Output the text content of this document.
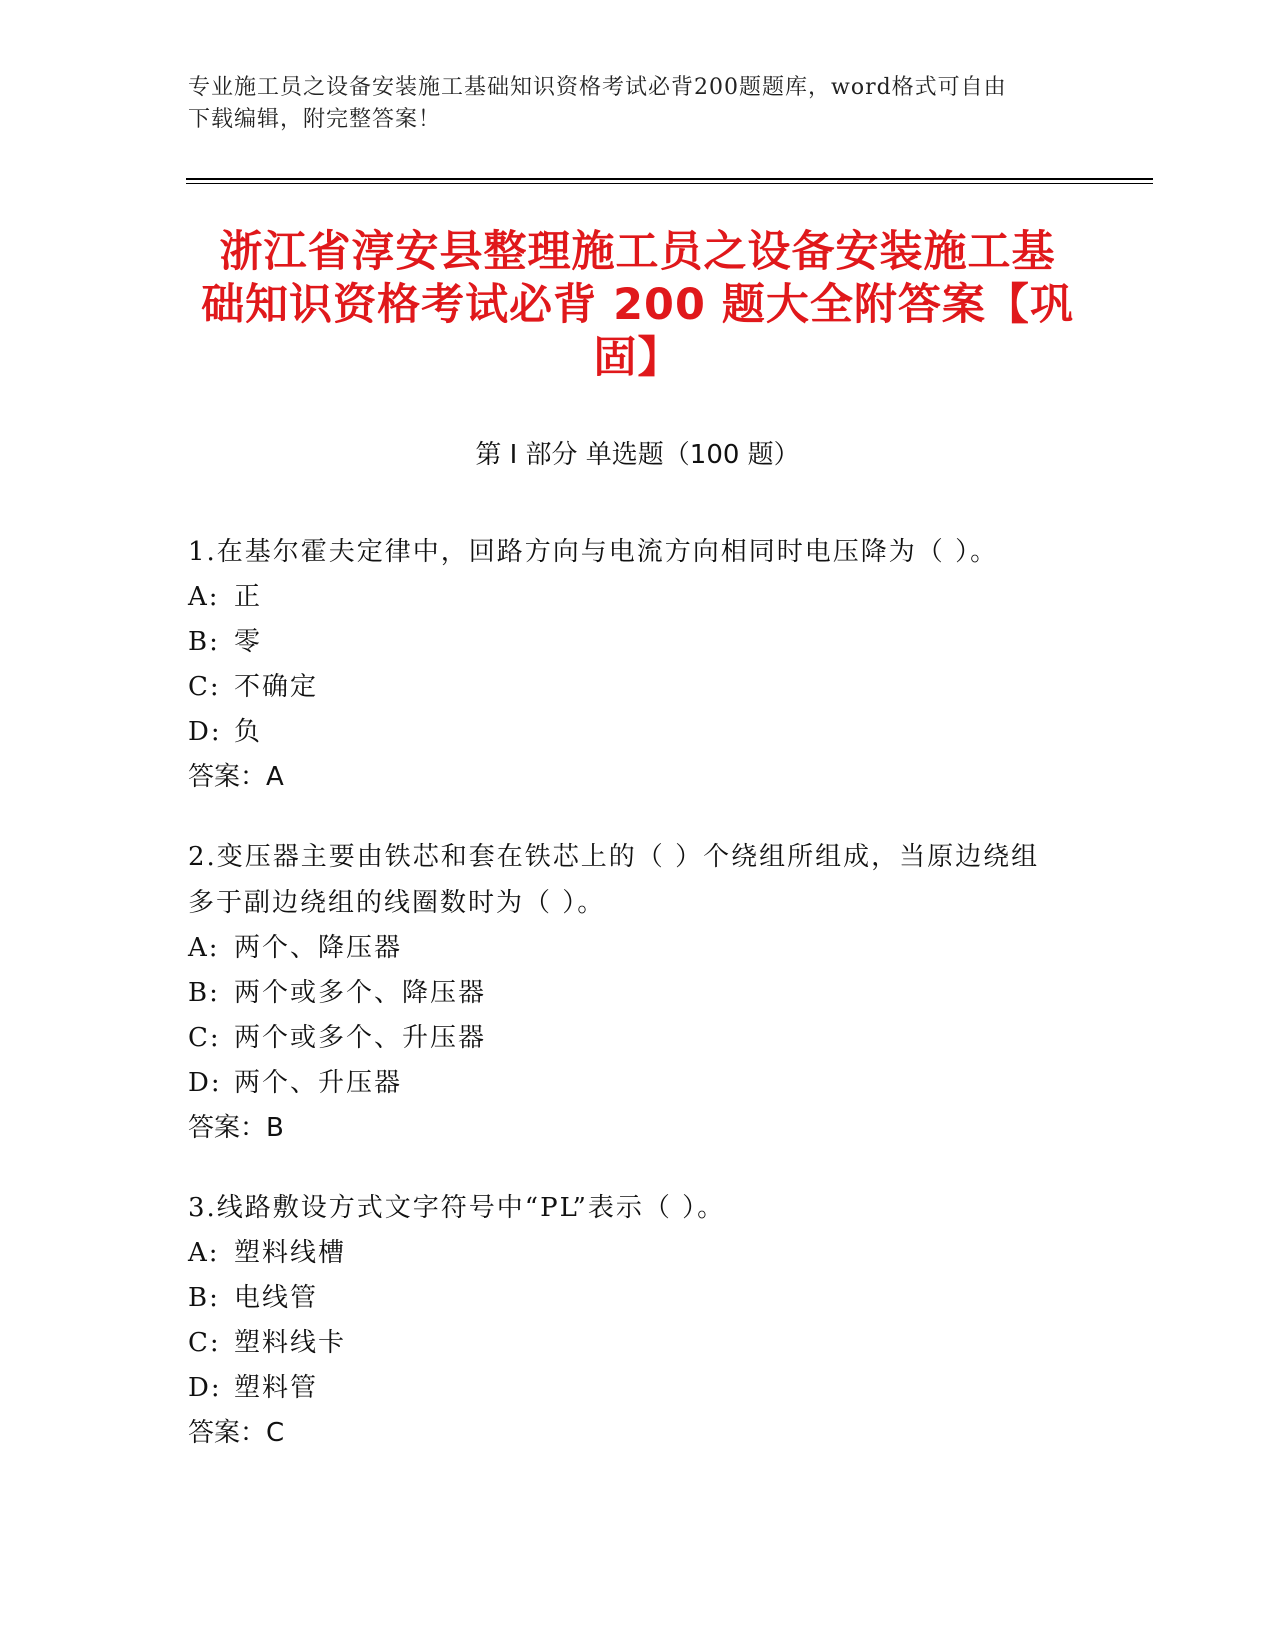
专业施工员之设备安装施工基础知识资格考试必背200题题库，word格式可自由
下载编辑，附完整答案！
浙江省淳安县整理施工员之设备安装施工基
础知识资格考试必背 200 题大全附答案【巩
固】
第 I 部分 单选题（100 题）
1.在基尔霍夫定律中，回路方向与电流方向相同时电压降为（ ）。
A: 正
B: 零
C: 不确定
D: 负
答案：A
2.变压器主要由铁芯和套在铁芯上的（ ）个绕组所组成，当原边绕组
多于副边绕组的线圈数时为（ ）。
A: 两个、降压器
B: 两个或多个、降压器
C: 两个或多个、升压器
D: 两个、升压器
答案：B
3.线路敷设方式文字符号中“PL”表示（ ）。
A: 塑料线槽
B: 电线管
C: 塑料线卡
D: 塑料管
答案：C
